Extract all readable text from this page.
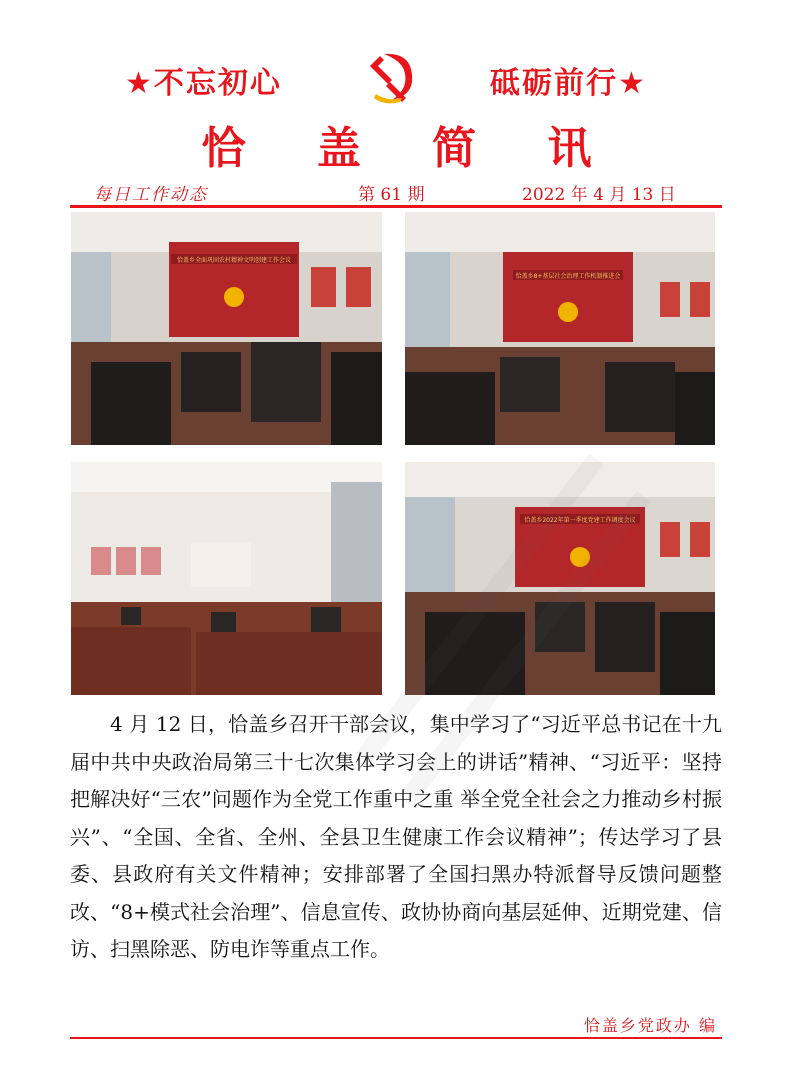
★不忘初心	砥砺前行★
恰 盖 简 讯
每日工作动态	第 61 期	2022 年 4 月 13 日
恰盖乡全面巩固农村精神文明创建工作会议
恰盖乡8+基层社会治理工作机制推进会
恰盖乡2022年第一季度党建工作调度会议

4 月 12 日，恰盖乡召开干部会议，集中学习了“习近平总书记在十九届中共中央政治局第三十七次集体学习会上的讲话”精神、“习近平：坚持把解决好“三农”问题作为全党工作重中之重 举全党全社会之力推动乡村振兴”、“全国、全省、全州、全县卫生健康工作会议精神”；传达学习了县委、县政府有关文件精神；安排部署了全国扫黑办特派督导反馈问题整改、“8+模式社会治理”、信息宣传、政协协商向基层延伸、近期党建、信访、扫黑除恶、防电诈等重点工作。

恰盖乡党政办 编
